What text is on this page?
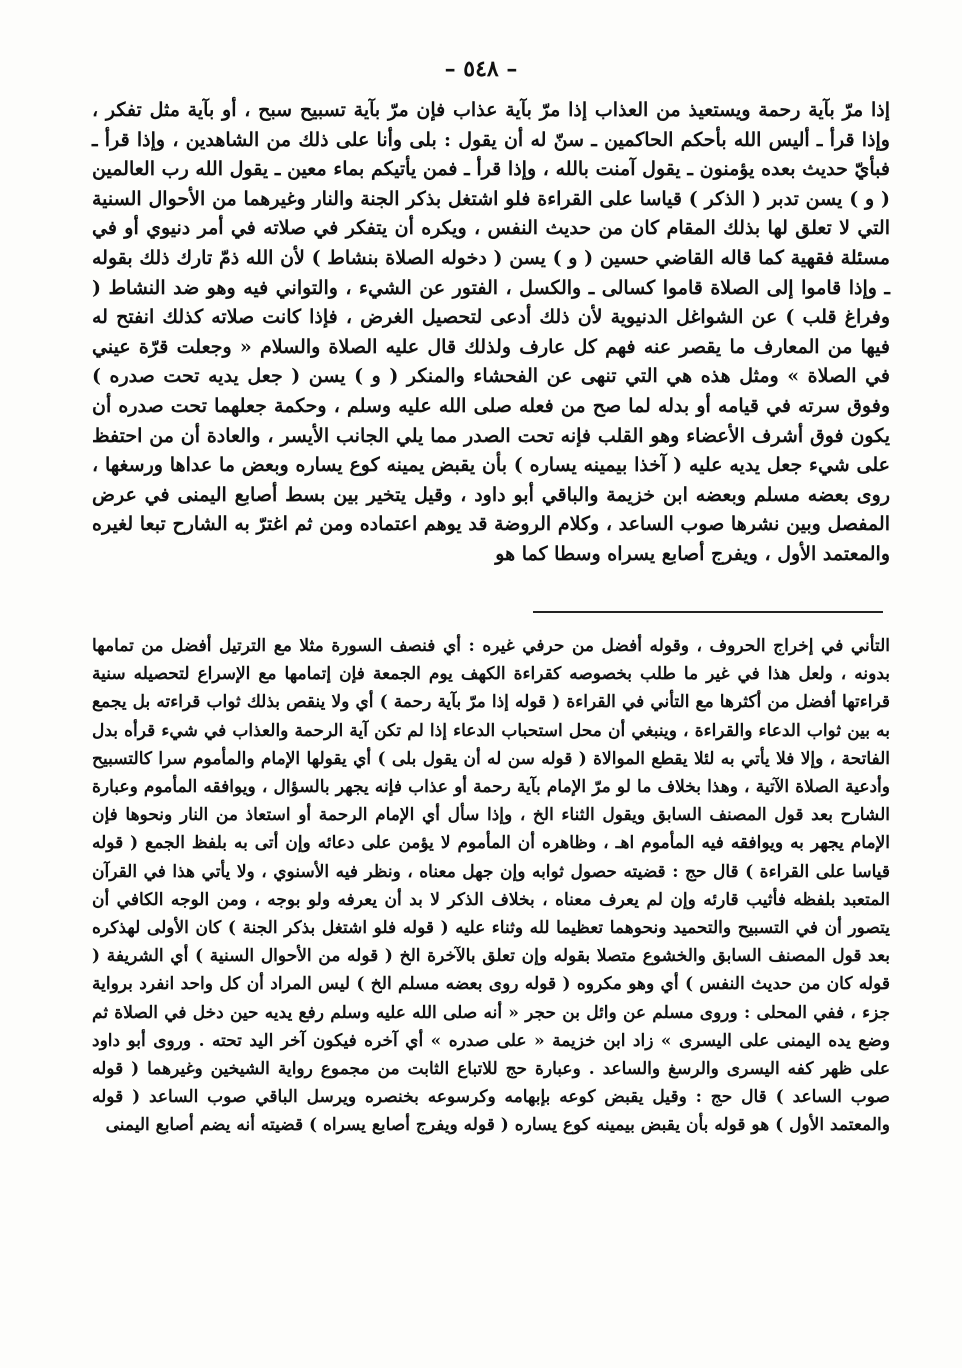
– ٥٤٨ –

إذا مرّ بآية رحمة ويستعيذ من العذاب إذا مرّ بآية عذاب فإن مرّ بآية تسبيح سبح ، أو بآية مثل تفكر ، وإذا قرأ ـ أليس الله بأحكم الحاكمين ـ سنّ له أن يقول : بلى وأنا على ذلك من الشاهدين ، وإذا قرأ ـ فبأيّ حديث بعده يؤمنون ـ يقول آمنت بالله ، وإذا قرأ ـ فمن يأتيكم بماء معين ـ يقول الله رب العالمين ( و ) يسن تدبر ( الذكر ) قياسا على القراءة فلو اشتغل بذكر الجنة والنار وغيرهما من الأحوال السنية التي لا تعلق لها بذلك المقام كان من حديث النفس ، ويكره أن يتفكر في صلاته في أمر دنيوي أو في مسئلة فقهية كما قاله القاضي حسين ( و ) يسن ( دخوله الصلاة بنشاط ) لأن الله ذمّ تارك ذلك بقوله ـ وإذا قاموا إلى الصلاة قاموا كسالى ـ والكسل ، الفتور عن الشيء ، والتواني فيه وهو ضد النشاط ( وفراغ قلب ) عن الشواغل الدنيوية لأن ذلك أدعى لتحصيل الغرض ، فإذا كانت صلاته كذلك انفتح له فيها من المعارف ما يقصر عنه فهم كل عارف ولذلك قال عليه الصلاة والسلام « وجعلت قرّة عيني في الصلاة » ومثل هذه هي التي تنهى عن الفحشاء والمنكر ( و ) يسن ( جعل يديه تحت صدره ) وفوق سرته في قيامه أو بدله لما صح من فعله صلى الله عليه وسلم ، وحكمة جعلهما تحت صدره أن يكون فوق أشرف الأعضاء وهو القلب فإنه تحت الصدر مما يلي الجانب الأيسر ، والعادة أن من احتفظ على شيء جعل يديه عليه ( آخذا بيمينه يساره ) بأن يقبض يمينه كوع يساره وبعض ما عداها ورسغها ، روى بعضه مسلم وبعضه ابن خزيمة والباقي أبو داود ، وقيل يتخير بين بسط أصابع اليمنى في عرض المفصل وبين نشرها صوب الساعد ، وكلام الروضة قد يوهم اعتماده ومن ثم اغترّ به الشارح تبعا لغيره والمعتمد الأول ، ويفرج أصابع يسراه وسطا كما هو

التأني في إخراج الحروف ، وقوله أفضل من حرفي غيره : أي فنصف السورة مثلا مع الترتيل أفضل من تمامها بدونه ، ولعل هذا في غير ما طلب بخصوصه كقراءة الكهف يوم الجمعة فإن إتمامها مع الإسراع لتحصيله سنية قراءتها أفضل من أكثرها مع التأني في القراءة ( قوله إذا مرّ بآية رحمة ) أي ولا ينقص بذلك ثواب قراءته بل يجمع به بين ثواب الدعاء والقراءة ، وينبغي أن محل استحباب الدعاء إذا لم تكن آية الرحمة والعذاب في شيء قرأه بدل الفاتحة ، وإلا فلا يأتي به لئلا يقطع الموالاة ( قوله سن له أن يقول بلى ) أي يقولها الإمام والمأموم سرا كالتسبيح وأدعية الصلاة الآتية ، وهذا بخلاف ما لو مرّ الإمام بآية رحمة أو عذاب فإنه يجهر بالسؤال ، ويوافقه المأموم وعبارة الشارح بعد قول المصنف السابق ويقول الثناء الخ ، وإذا سأل أي الإمام الرحمة أو استعاذ من النار ونحوها فإن الإمام يجهر به ويوافقه فيه المأموم اهـ ، وظاهره أن المأموم لا يؤمن على دعائه وإن أتى به بلفظ الجمع ( قوله قياسا على القراءة ) قال حج : قضيته حصول ثوابه وإن جهل معناه ، ونظر فيه الأسنوي ، ولا يأتي هذا في القرآن المتعبد بلفظه فأثيب قارئه وإن لم يعرف معناه ، بخلاف الذكر لا بد أن يعرفه ولو بوجه ، ومن الوجه الكافي أن يتصور أن في التسبيح والتحميد ونحوهما تعظيما لله وثناء عليه ( قوله فلو اشتغل بذكر الجنة ) كان الأولى لهذكره بعد قول المصنف السابق والخشوع متصلا بقوله وإن تعلق بالآخرة الخ ( قوله من الأحوال السنية ) أي الشريفة ( قوله كان من حديث النفس ) أي وهو مكروه ( قوله روى بعضه مسلم الخ ) ليس المراد أن كل واحد انفرد برواية جزء ، ففي المحلى : وروى مسلم عن وائل بن حجر « أنه صلى الله عليه وسلم رفع يديه حين دخل في الصلاة ثم وضع يده اليمنى على اليسرى » زاد ابن خزيمة « على صدره » أي آخره فيكون آخر اليد تحته . وروى أبو داود على ظهر كفه اليسرى والرسغ والساعد . وعبارة حج للاتباع الثابت من مجموع رواية الشيخين وغيرهما ( قوله صوب الساعد ) قال حج : وقيل يقبض كوعه بإبهامه وكرسوعه بخنصره ويرسل الباقي صوب الساعد ( قوله والمعتمد الأول ) هو قوله بأن يقبض بيمينه كوع يساره ( قوله ويفرج أصابع يسراه ) قضيته أنه يضم أصابع اليمنى
